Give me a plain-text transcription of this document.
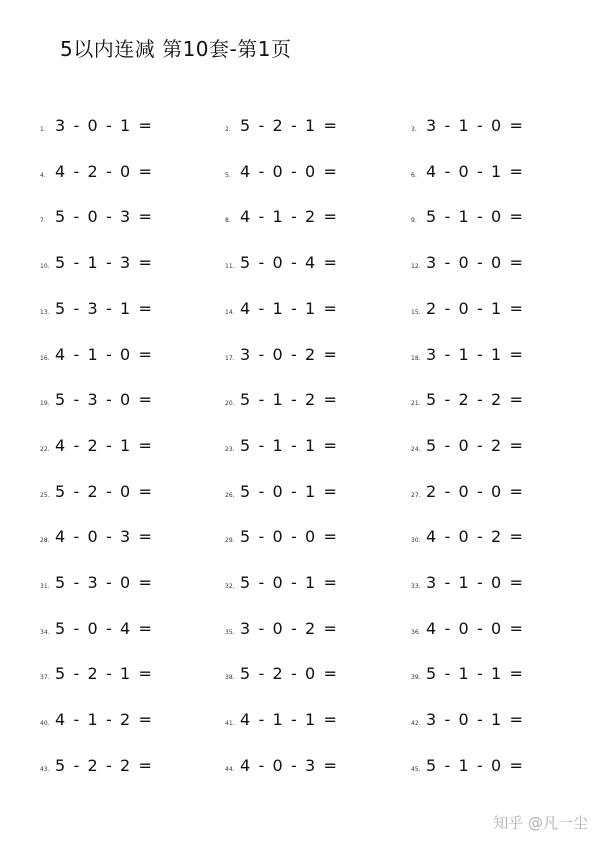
5以内连减 第10套-第1页
1. 3 - 0 - 1 =	2. 5 - 2 - 1 =	3. 3 - 1 - 0 =
4. 4 - 2 - 0 =	5. 4 - 0 - 0 =	6. 4 - 0 - 1 =
7. 5 - 0 - 3 =	8. 4 - 1 - 2 =	9. 5 - 1 - 0 =
10. 5 - 1 - 3 =	11. 5 - 0 - 4 =	12. 3 - 0 - 0 =
13. 5 - 3 - 1 =	14. 4 - 1 - 1 =	15. 2 - 0 - 1 =
16. 4 - 1 - 0 =	17. 3 - 0 - 2 =	18. 3 - 1 - 1 =
19. 5 - 3 - 0 =	20. 5 - 1 - 2 =	21. 5 - 2 - 2 =
22. 4 - 2 - 1 =	23. 5 - 1 - 1 =	24. 5 - 0 - 2 =
25. 5 - 2 - 0 =	26. 5 - 0 - 1 =	27. 2 - 0 - 0 =
28. 4 - 0 - 3 =	29. 5 - 0 - 0 =	30. 4 - 0 - 2 =
31. 5 - 3 - 0 =	32. 5 - 0 - 1 =	33. 3 - 1 - 0 =
34. 5 - 0 - 4 =	35. 3 - 0 - 2 =	36. 4 - 0 - 0 =
37. 5 - 2 - 1 =	38. 5 - 2 - 0 =	39. 5 - 1 - 1 =
40. 4 - 1 - 2 =	41. 4 - 1 - 1 =	42. 3 - 0 - 1 =
43. 5 - 2 - 2 =	44. 4 - 0 - 3 =	45. 5 - 1 - 0 =
知乎 @凡一尘
